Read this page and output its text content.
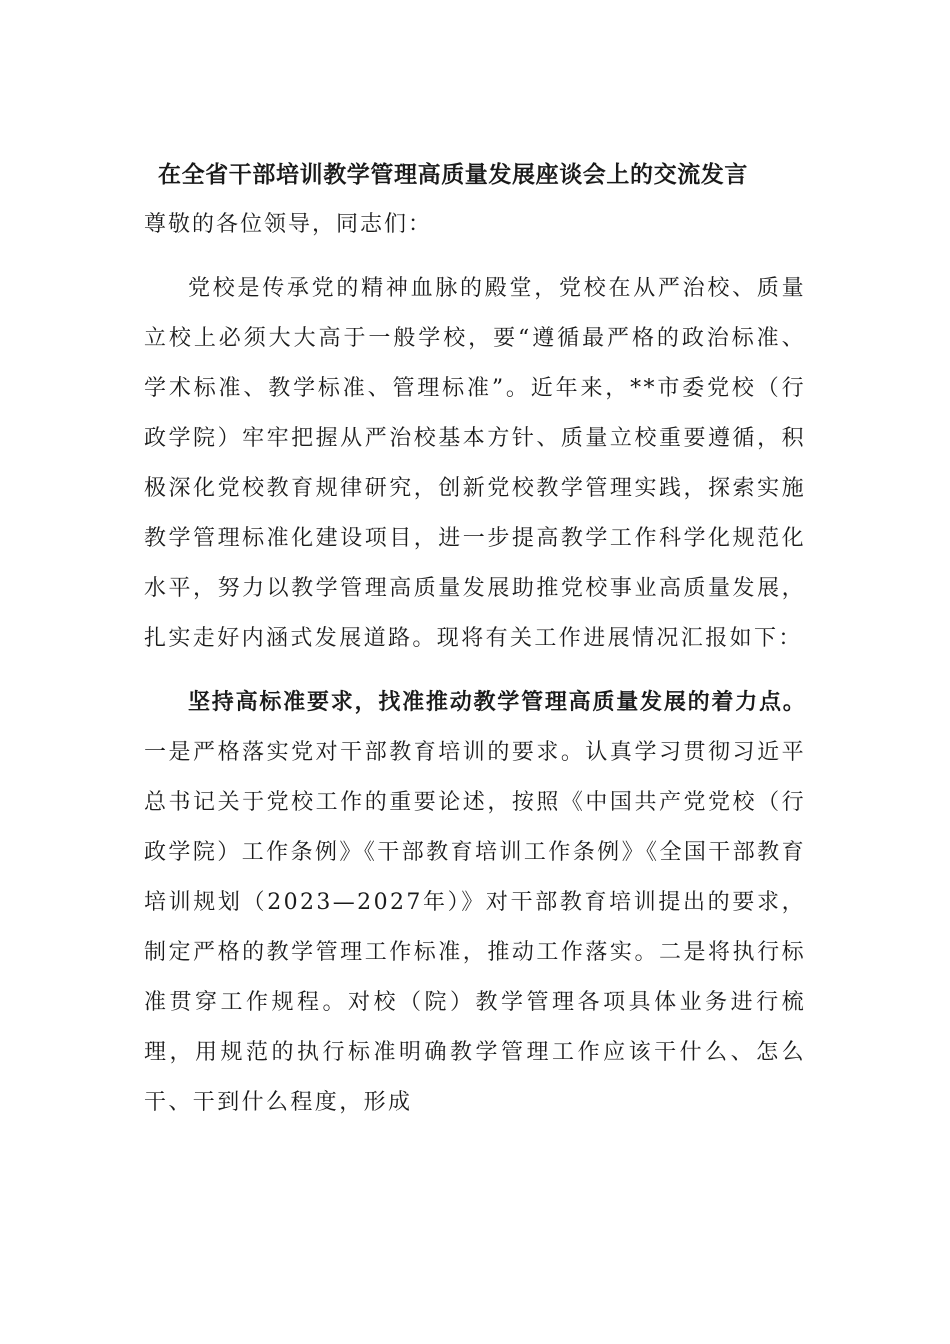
在全省干部培训教学管理高质量发展座谈会上的交流发言

尊敬的各位领导，同志们：

党校是传承党的精神血脉的殿堂，党校在从严治校、质量立校上必须大大高于一般学校，要“遵循最严格的政治标准、学术标准、教学标准、管理标准”。近年来，**市委党校（行政学院）牢牢把握从严治校基本方针、质量立校重要遵循，积极深化党校教育规律研究，创新党校教学管理实践，探索实施教学管理标准化建设项目，进一步提高教学工作科学化规范化水平，努力以教学管理高质量发展助推党校事业高质量发展，扎实走好内涵式发展道路。现将有关工作进展情况汇报如下：

坚持高标准要求，找准推动教学管理高质量发展的着力点。一是严格落实党对干部教育培训的要求。认真学习贯彻习近平总书记关于党校工作的重要论述，按照《中国共产党党校（行政学院）工作条例》《干部教育培训工作条例》《全国干部教育培训规划（2023—2027年）》对干部教育培训提出的要求，制定严格的教学管理工作标准，推动工作落实。二是将执行标准贯穿工作规程。对校（院）教学管理各项具体业务进行梳理，用规范的执行标准明确教学管理工作应该干什么、怎么干、干到什么程度，形成
